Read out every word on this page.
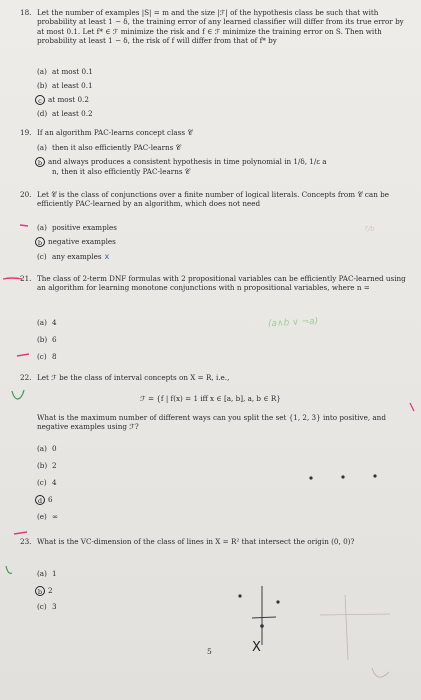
18. Let the number of examples |S| = m and the size |ℱ| of the hypothesis class be such that with probability at least 1 − δ, the training error of any learned classifier will differ from its true error by at most 0.1. Let f* ∈ ℱ minimize the risk and f ∈ ℱ minimize the training error on S. Then with probability at least 1 − δ, the risk of f will differ from that of f* by
(a) at most 0.1
(b) at least 0.1
c at most 0.2
(d) at least 0.2
19. If an algorithm PAC-learns concept class 𝒞
(a) then it also efficiently PAC-learns 𝒞
b and always produces a consistent hypothesis in time polynomial in 1/δ, 1/ε a
n, then it also efficiently PAC-learns 𝒞
20. Let 𝒞 is the class of conjunctions over a finite number of logical literals. Concepts from 𝒞 can be efficiently PAC-learned by an algorithm, which does not need
(a) positive examples
b negative examples
(c) any examples x
21. The class of 2-term DNF formulas with 2 propositional variables can be efficiently PAC-learned using an algorithm for learning monotone conjunctions with n propositional variables, where n =
(a) 4
(b) 6
(c) 8
22. Let ℱ be the class of interval concepts on X = R, i.e.,
ℱ = {f | f(x) = 1 iff x ∈ [a, b], a, b ∈ R}
What is the maximum number of different ways can you split the set {1, 2, 3} into positive, and negative examples using ℱ?
(a) 0
(b) 2
(c) 4
d 6
(e) ∞
23. What is the VC-dimension of the class of lines in X = R² that intersect the origin (0, 0)?
(a) 1
b 2
(c) 3
5
(a∧b ∨ ¬a)
?/b
X
